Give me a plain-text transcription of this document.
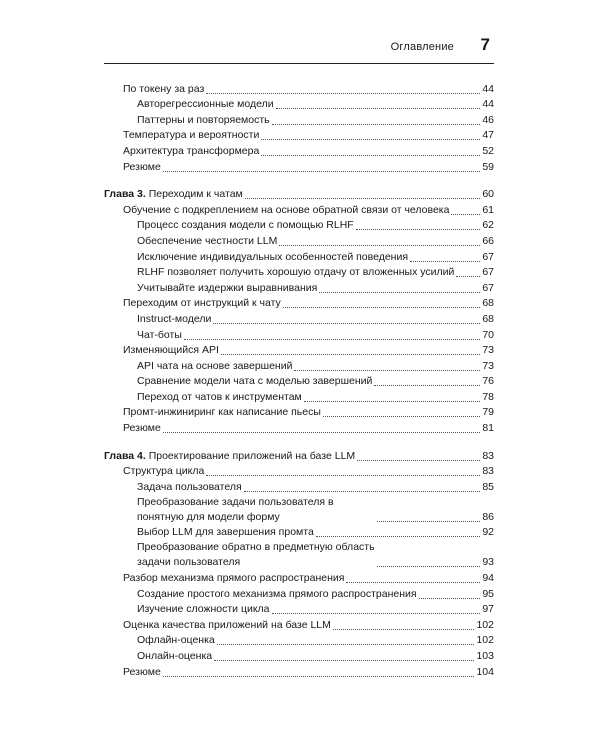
Оглавление 7
По токену за раз	44
Авторегрессионные модели	44
Паттерны и повторяемость	46
Температура и вероятности	47
Архитектура трансформера	52
Резюме	59
Глава 3. Переходим к чатам	60
Обучение с подкреплением на основе обратной связи от человека	61
Процесс создания модели с помощью RLHF	62
Обеспечение честности LLM	66
Исключение индивидуальных особенностей поведения	67
RLHF позволяет получить хорошую отдачу от вложенных усилий	67
Учитывайте издержки выравнивания	67
Переходим от инструкций к чату	68
Instruct-модели	68
Чат-боты	70
Изменяющийся API	73
API чата на основе завершений	73
Сравнение модели чата с моделью завершений	76
Переход от чатов к инструментам	78
Промт-инжиниринг как написание пьесы	79
Резюме	81
Глава 4. Проектирование приложений на базе LLM	83
Структура цикла	83
Задача пользователя	85
Преобразование задачи пользователя в понятную для модели форму	86
Выбор LLM для завершения промта	92
Преобразование обратно в предметную область задачи пользователя	93
Разбор механизма прямого распространения	94
Создание простого механизма прямого распространения	95
Изучение сложности цикла	97
Оценка качества приложений на базе LLM	102
Офлайн-оценка	102
Онлайн-оценка	103
Резюме	104
